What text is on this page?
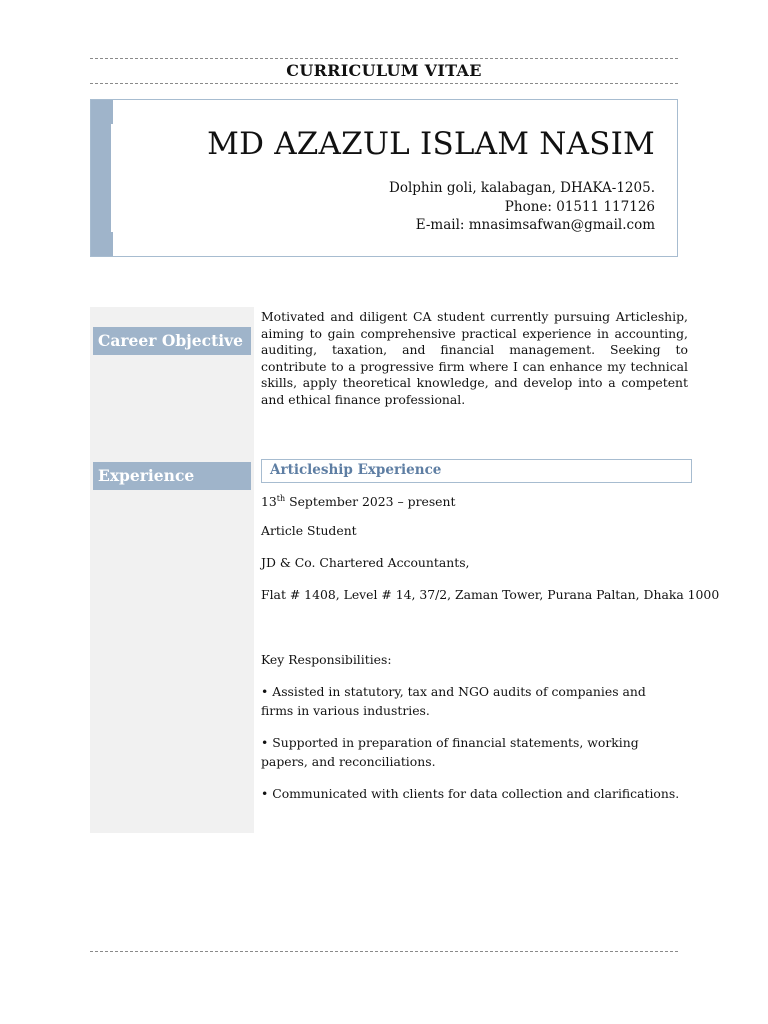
CURRICULUM VITAE
MD AZAZUL ISLAM NASIM
Dolphin goli, kalabagan, DHAKA-1205.
Phone: 01511 117126
E-mail: mnasimsafwan@gmail.com
Career Objective
Motivated and diligent CA student currently pursuing Articleship, aiming to gain comprehensive practical experience in accounting, auditing, taxation, and financial management. Seeking to contribute to a progressive firm where I can enhance my technical skills, apply theoretical knowledge, and develop into a competent and ethical finance professional.
Experience	Articleship Experience
13th September 2023 – present
Article Student
JD & Co. Chartered Accountants,
Flat # 1408, Level # 14, 37/2, Zaman Tower, Purana Paltan, Dhaka 1000
Key Responsibilities:
• Assisted in statutory, tax and NGO audits of companies and firms in various industries.
• Supported in preparation of financial statements, working papers, and reconciliations.
• Communicated with clients for data collection and clarifications.
